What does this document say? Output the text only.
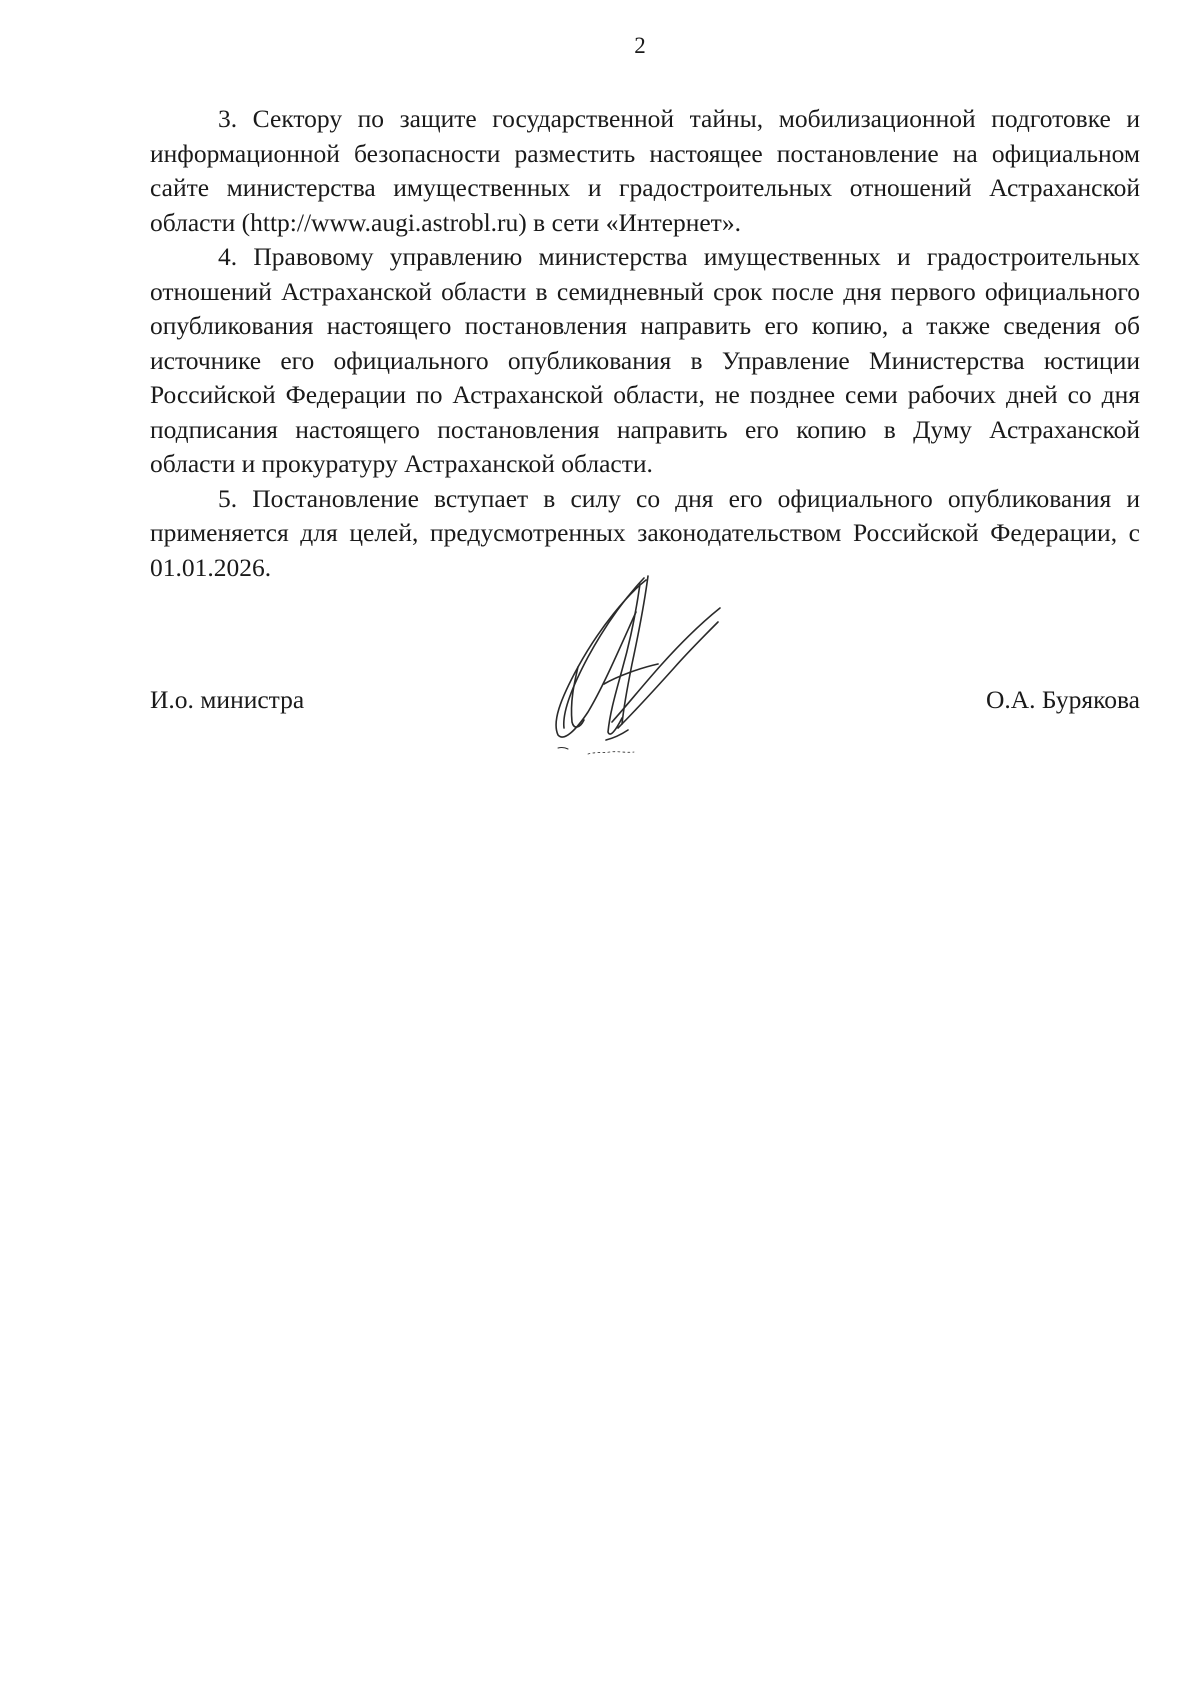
2

3. Сектору по защите государственной тайны, мобилизационной подготовке и информационной безопасности разместить настоящее постановление на официальном сайте министерства имущественных и градостроительных отношений Астраханской области (http://www.augi.astrobl.ru) в сети «Интернет».

4. Правовому управлению министерства имущественных и градостроительных отношений Астраханской области в семидневный срок после дня первого официального опубликования настоящего постановления направить его копию, а также сведения об источнике его официального опубликования в Управление Министерства юстиции Российской Федерации по Астраханской области, не позднее семи рабочих дней со дня подписания настоящего постановления направить его копию в Думу Астраханской области и прокуратуру Астраханской области.

5. Постановление вступает в силу со дня его официального опубликования и применяется для целей, предусмотренных законодательством Российской Федерации, с 01.01.2026.

И.о. министра	О.А. Бурякова
